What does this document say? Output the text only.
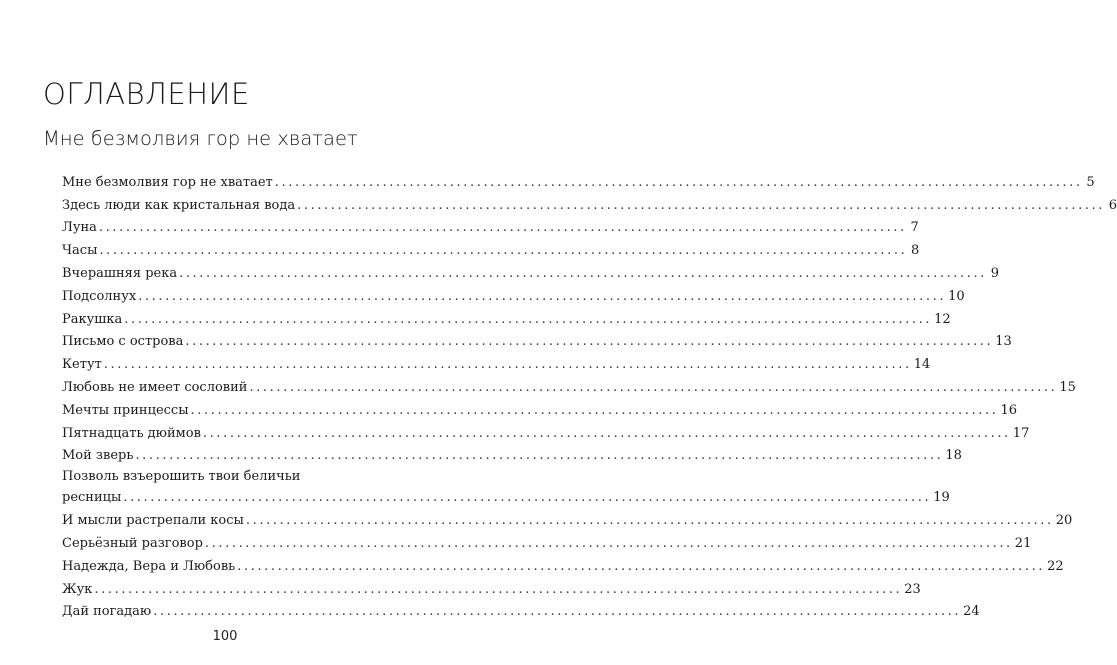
ОГЛАВЛЕНИЕ
Мне безмолвия гор не хватает
Мне безмолвия гор не хватает ........................................................................................................................ 5
Здесь люди как кристальная вода ........................................................................................................................ 6
Луна ........................................................................................................................ 7
Часы ........................................................................................................................ 8
Вчерашняя река ........................................................................................................................ 9
Подсолнух ........................................................................................................................ 10
Ракушка ........................................................................................................................ 12
Письмо с острова ........................................................................................................................ 13
Кетут ........................................................................................................................ 14
Любовь не имеет сословий ........................................................................................................................ 15
Мечты принцессы ........................................................................................................................ 16
Пятнадцать дюймов ........................................................................................................................ 17
Мой зверь ........................................................................................................................ 18
Позволь взъерошить твои беличьи
ресницы ........................................................................................................................ 19
И мысли растрепали косы ........................................................................................................................ 20
Серьёзный разговор ........................................................................................................................ 21
Надежда, Вера и Любовь ........................................................................................................................ 22
Жук ........................................................................................................................ 23
Дай погадаю ........................................................................................................................ 24
100
